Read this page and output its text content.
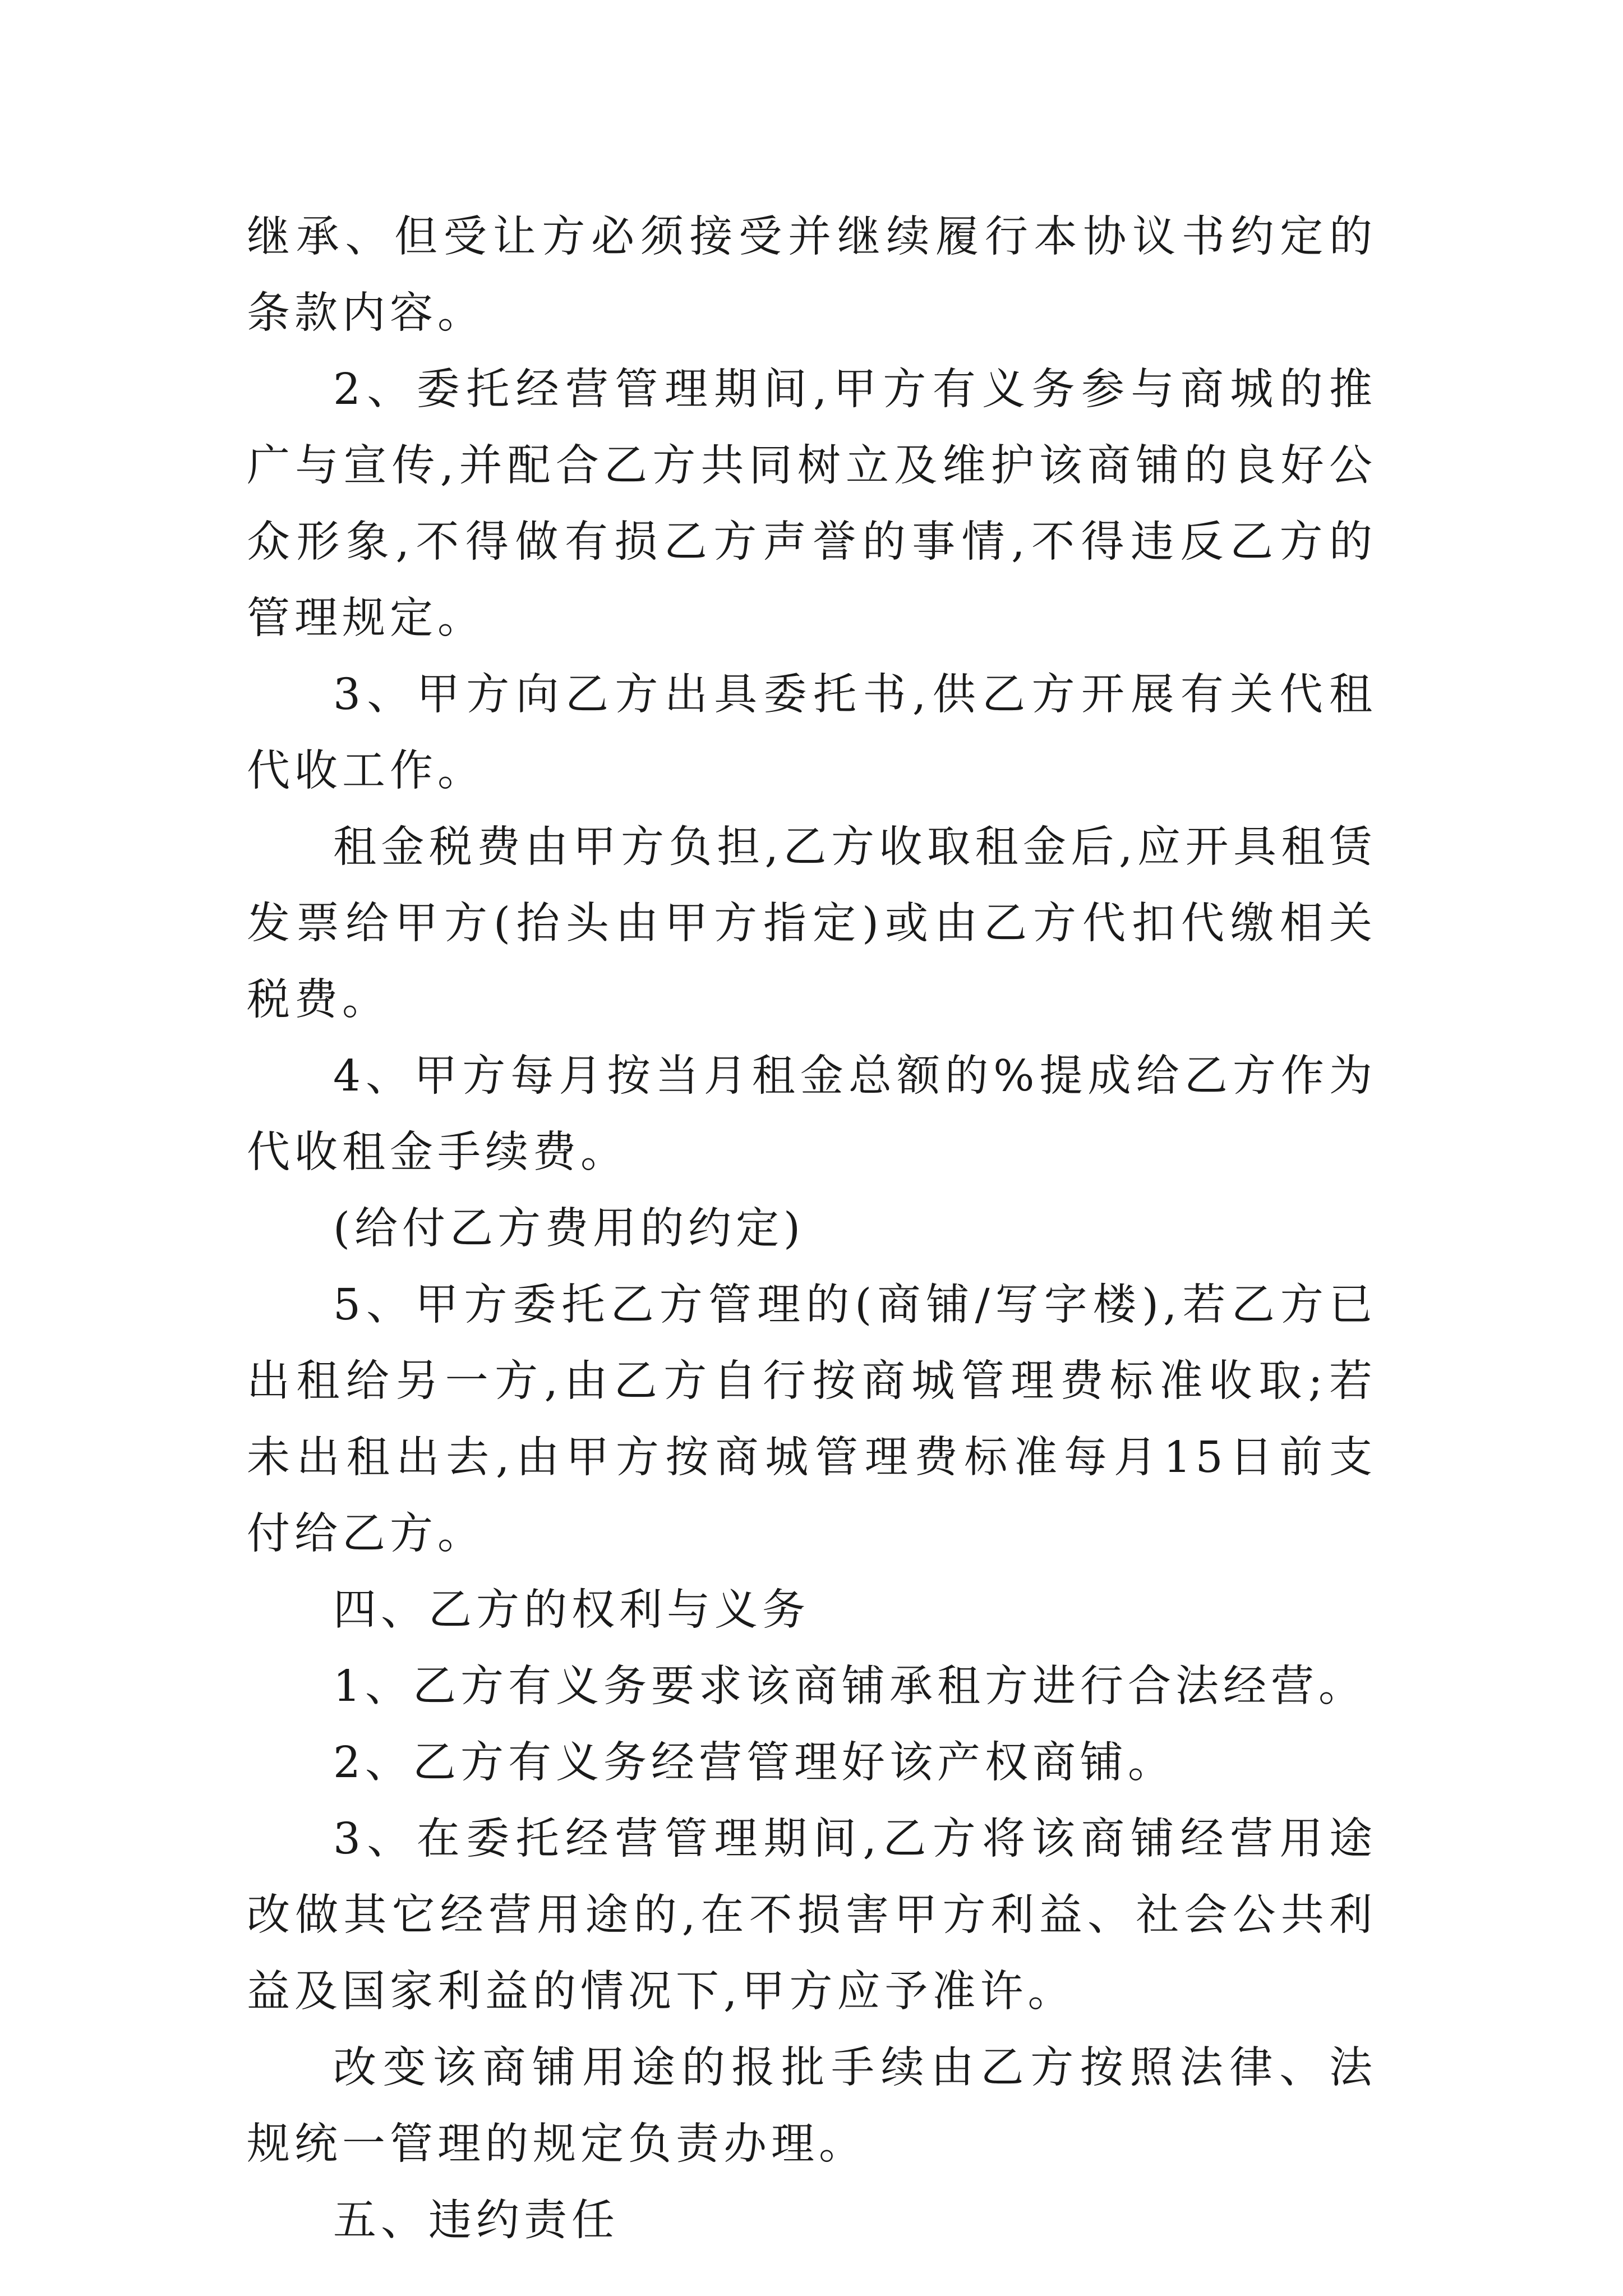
继承、但受让方必须接受并继续履行本协议书约定的条款内容。

2、委托经营管理期间,甲方有义务参与商城的推广与宣传,并配合乙方共同树立及维护该商铺的良好公众形象,不得做有损乙方声誉的事情,不得违反乙方的管理规定。

3、甲方向乙方出具委托书,供乙方开展有关代租代收工作。

租金税费由甲方负担,乙方收取租金后,应开具租赁发票给甲方(抬头由甲方指定)或由乙方代扣代缴相关税费。

4、甲方每月按当月租金总额的%提成给乙方作为代收租金手续费。

(给付乙方费用的约定)

5、甲方委托乙方管理的(商铺/写字楼),若乙方已出租给另一方,由乙方自行按商城管理费标准收取;若未出租出去,由甲方按商城管理费标准每月15日前支付给乙方。

四、乙方的权利与义务

1、乙方有义务要求该商铺承租方进行合法经营。

2、乙方有义务经营管理好该产权商铺。

3、在委托经营管理期间,乙方将该商铺经营用途改做其它经营用途的,在不损害甲方利益、社会公共利益及国家利益的情况下,甲方应予准许。

改变该商铺用途的报批手续由乙方按照法律、法规统一管理的规定负责办理。

五、违约责任
